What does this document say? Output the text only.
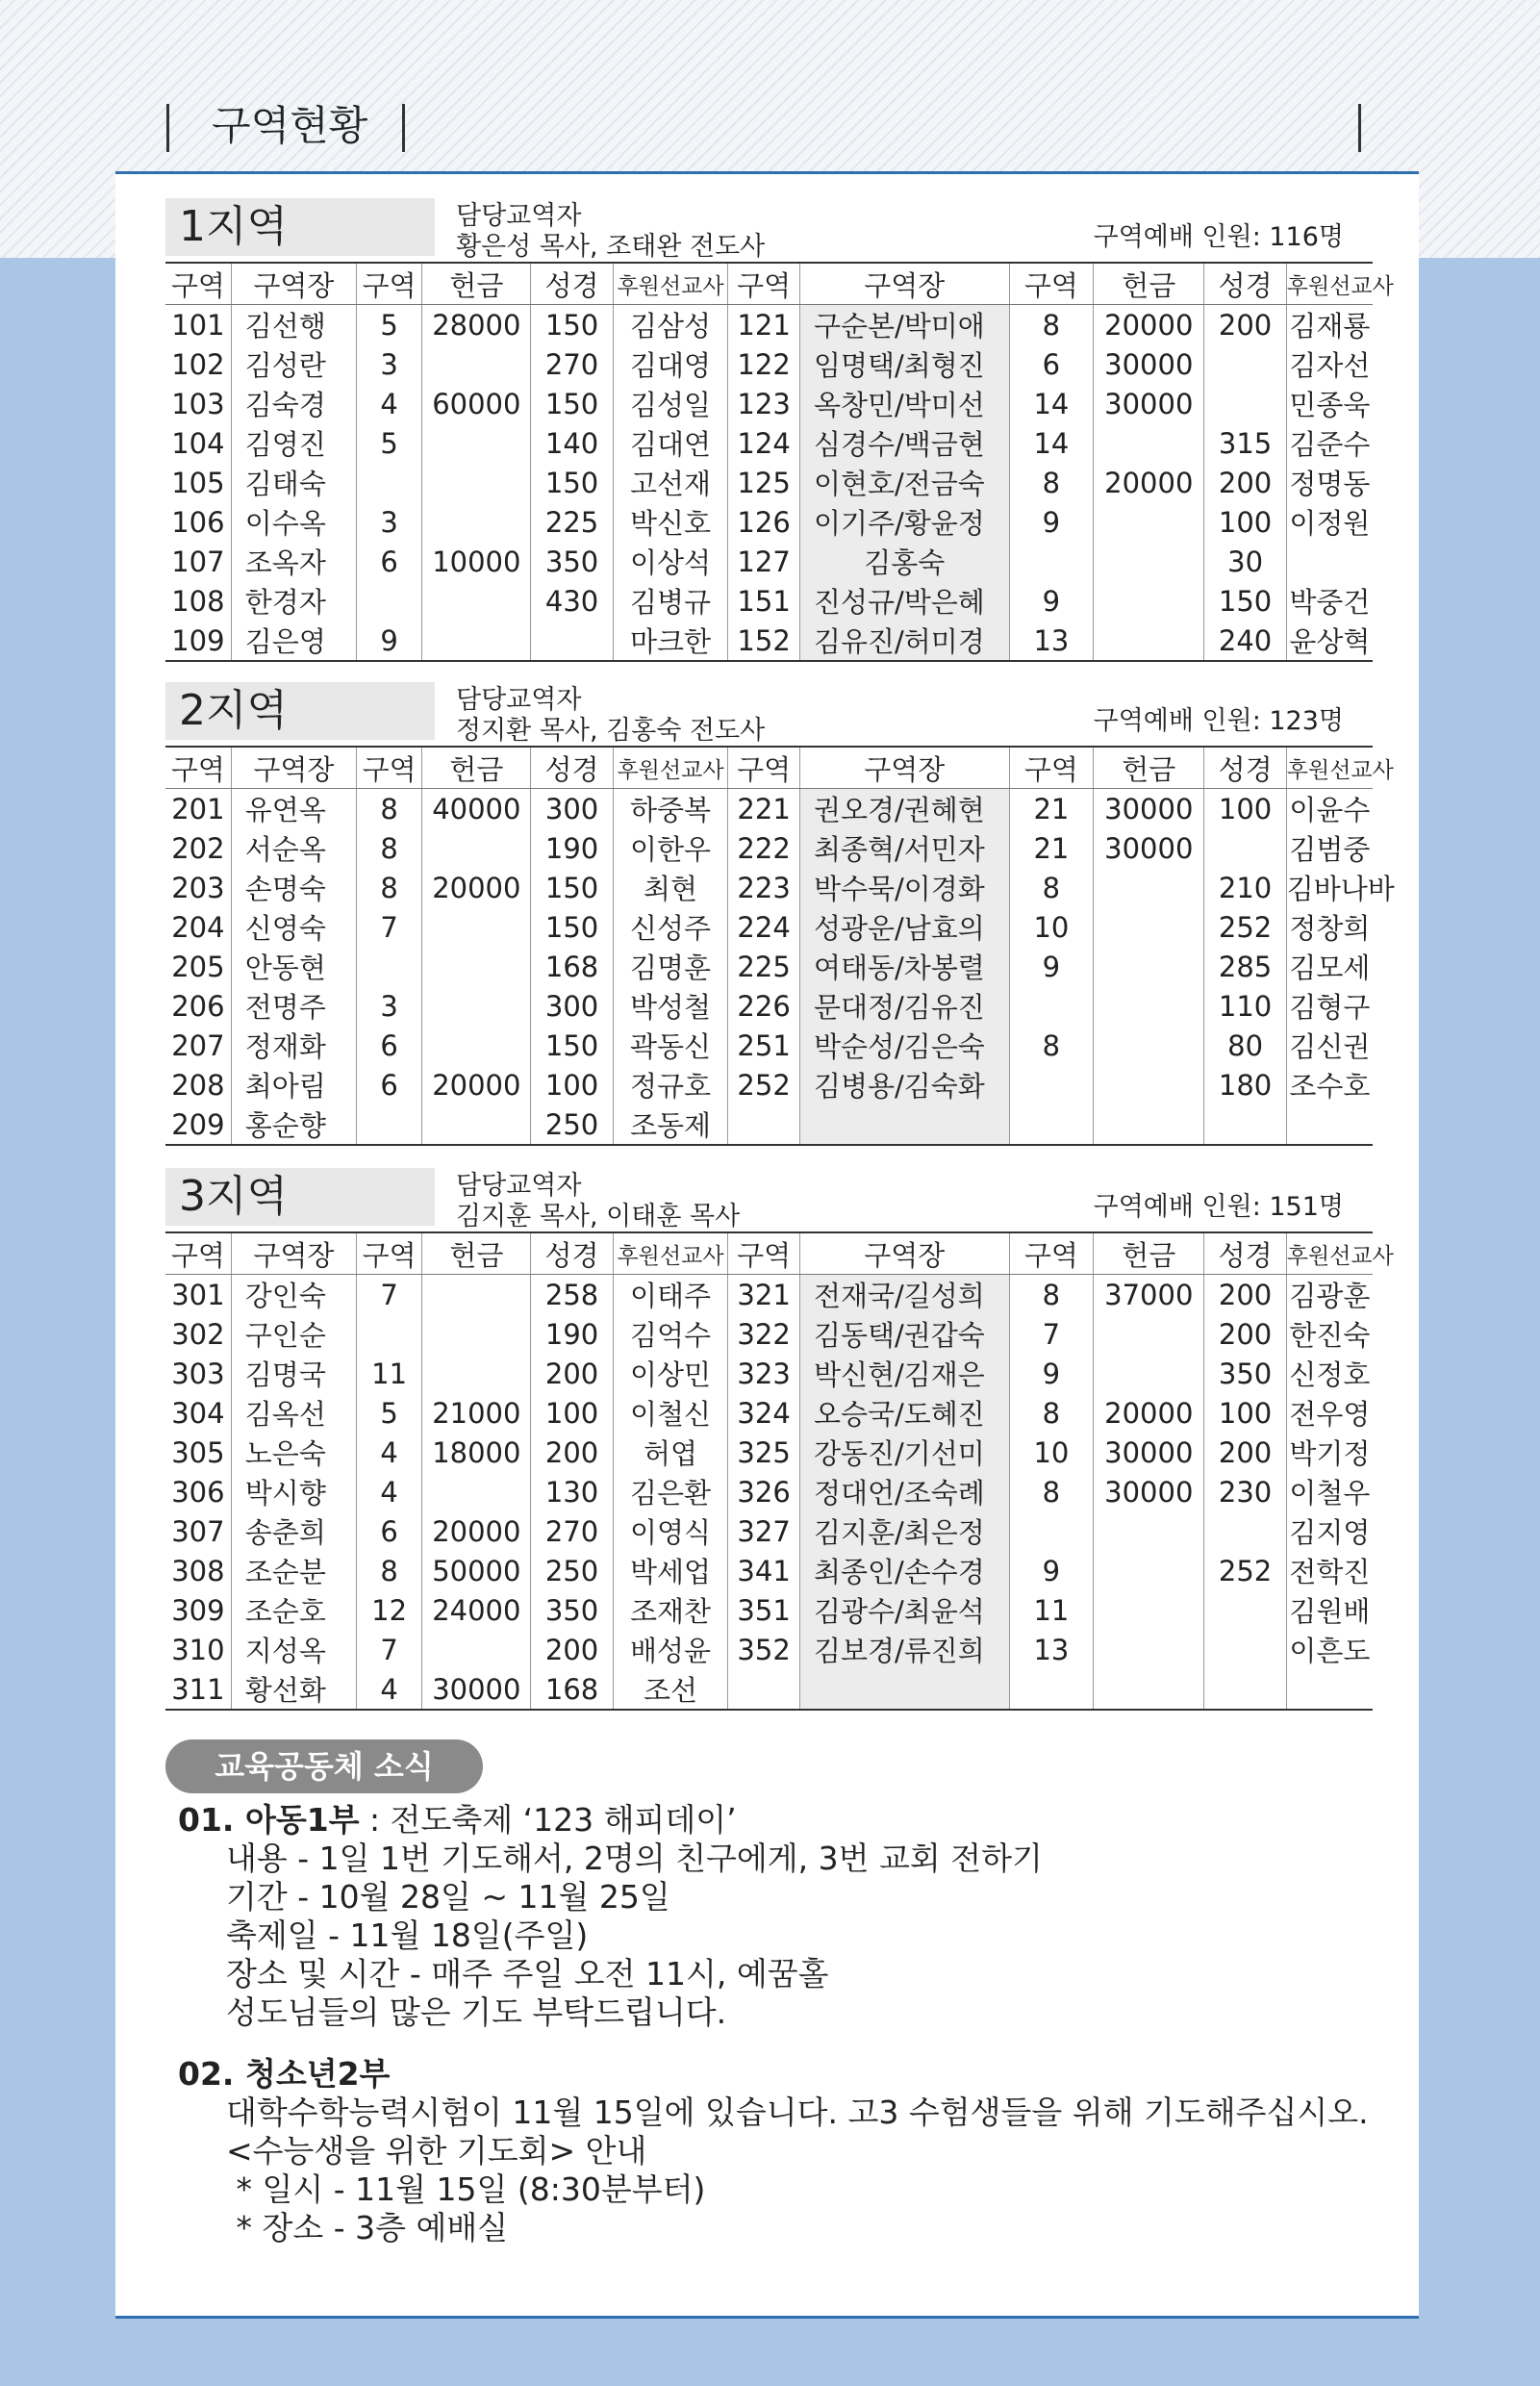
구역현황
1지역	담당교역자
황은성 목사, 조태완 전도사	구역예배 인원: 116명
구역	구역장	구역	헌금	성경	후원선교사	구역	구역장	구역	헌금	성경	후원선교사
101	김선행	5	28000	150	김삼성	121	구순본/박미애	8	20000	200	김재룡
102	김성란	3		270	김대영	122	임명택/최형진	6	30000		김자선
103	김숙경	4	60000	150	김성일	123	옥창민/박미선	14	30000		민종욱
104	김영진	5		140	김대연	124	심경수/백금현	14		315	김준수
105	김태숙			150	고선재	125	이현호/전금숙	8	20000	200	정명동
106	이수옥	3		225	박신호	126	이기주/황윤정	9		100	이정원
107	조옥자	6	10000	350	이상석	127	김홍숙			30	
108	한경자			430	김병규	151	진성규/박은혜	9		150	박중건
109	김은영	9			마크한	152	김유진/허미경	13		240	윤상혁
2지역	담당교역자
정지환 목사, 김홍숙 전도사	구역예배 인원: 123명
구역	구역장	구역	헌금	성경	후원선교사	구역	구역장	구역	헌금	성경	후원선교사
201	유연옥	8	40000	300	하중복	221	권오경/권혜현	21	30000	100	이윤수
202	서순옥	8		190	이한우	222	최종혁/서민자	21	30000		김범중
203	손명숙	8	20000	150	최현	223	박수묵/이경화	8		210	김바나바
204	신영숙	7		150	신성주	224	성광운/남효의	10		252	정창희
205	안동현			168	김명훈	225	여태동/차봉렬	9		285	김모세
206	전명주	3		300	박성철	226	문대정/김유진			110	김형구
207	정재화	6		150	곽동신	251	박순성/김은숙	8		80	김신권
208	최아림	6	20000	100	정규호	252	김병용/김숙화			180	조수호
209	홍순향			250	조동제						
3지역	담당교역자
김지훈 목사, 이태훈 목사	구역예배 인원: 151명
구역	구역장	구역	헌금	성경	후원선교사	구역	구역장	구역	헌금	성경	후원선교사
301	강인숙	7		258	이태주	321	전재국/길성희	8	37000	200	김광훈
302	구인순			190	김억수	322	김동택/권갑숙	7		200	한진숙
303	김명국	11		200	이상민	323	박신현/김재은	9		350	신정호
304	김옥선	5	21000	100	이철신	324	오승국/도혜진	8	20000	100	전우영
305	노은숙	4	18000	200	허엽	325	강동진/기선미	10	30000	200	박기정
306	박시향	4		130	김은환	326	정대언/조숙례	8	30000	230	이철우
307	송춘희	6	20000	270	이영식	327	김지훈/최은정				김지영
308	조순분	8	50000	250	박세업	341	최종인/손수경	9		252	전학진
309	조순호	12	24000	350	조재찬	351	김광수/최윤석	11			김원배
310	지성옥	7		200	배성윤	352	김보경/류진희	13			이흔도
311	황선화	4	30000	168	조선						
교육공동체 소식
01. 아동1부 : 전도축제 ‘123 해피데이’
내용 - 1일 1번 기도해서, 2명의 친구에게, 3번 교회 전하기
기간 - 10월 28일 ~ 11월 25일
축제일 - 11월 18일(주일)
장소 및 시간 - 매주 주일 오전 11시, 예꿈홀
성도님들의 많은 기도 부탁드립니다.
02. 청소년2부
대학수학능력시험이 11월 15일에 있습니다. 고3 수험생들을 위해 기도해주십시오.
<수능생을 위한 기도회> 안내
* 일시 - 11월 15일 (8:30분부터)
* 장소 - 3층 예배실
